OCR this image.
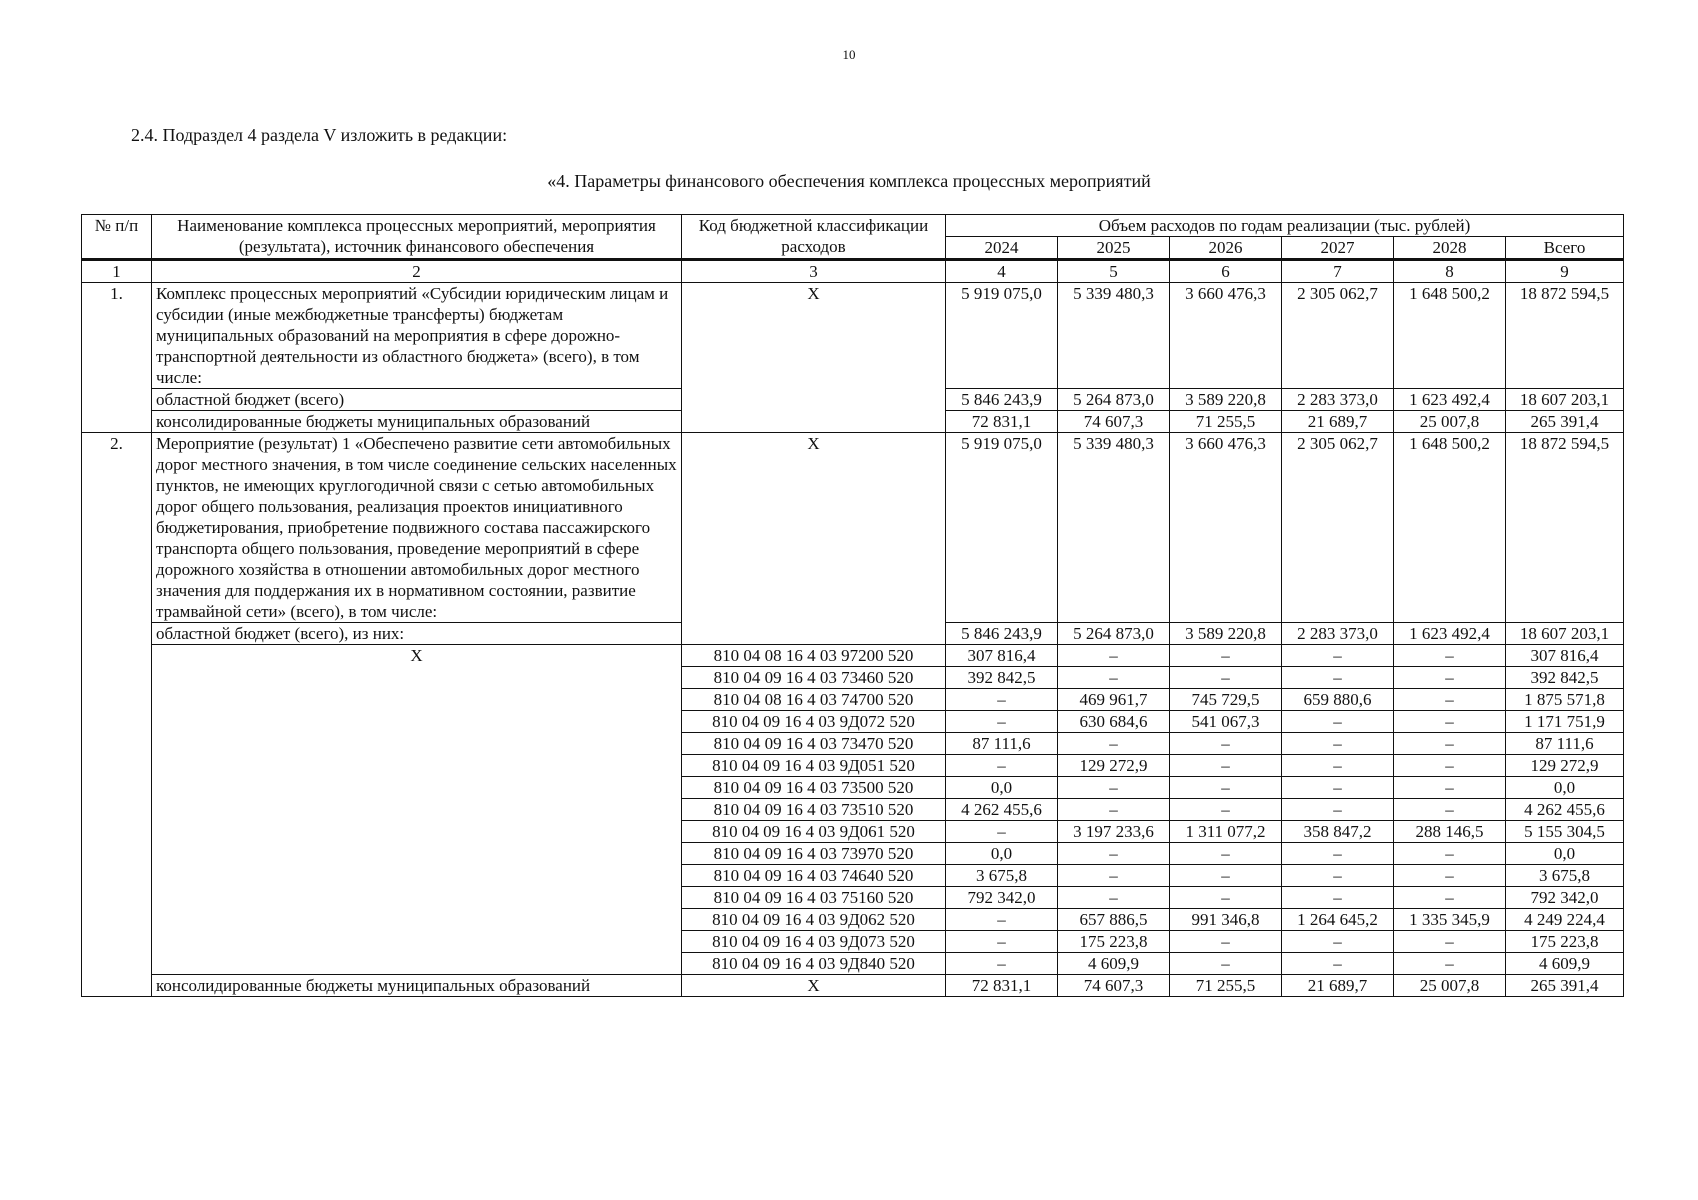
10
2.4. Подраздел 4 раздела V изложить в редакции:
«4. Параметры финансового обеспечения комплекса процессных мероприятий
№ п/п	Наименование комплекса процессных мероприятий, мероприятия (результата), источник финансового обеспечения	Код бюджетной классификации расходов	Объем расходов по годам реализации (тыс. рублей)					
			2024	2025	2026	2027	2028	Всего
1	2	3	4	5	6	7	8	9
1.	Комплекс процессных мероприятий «Субсидии юридическим лицам и субсидии (иные межбюджетные трансферты) бюджетам муниципальных образований на мероприятия в сфере дорожно-транспортной деятельности из областного бюджета» (всего), в том числе:	Х	5 919 075,0	5 339 480,3	3 660 476,3	2 305 062,7	1 648 500,2	18 872 594,5
	областной бюджет (всего)		5 846 243,9	5 264 873,0	3 589 220,8	2 283 373,0	1 623 492,4	18 607 203,1
	консолидированные бюджеты муниципальных образований		72 831,1	74 607,3	71 255,5	21 689,7	25 007,8	265 391,4
2.	Мероприятие (результат) 1 «Обеспечено развитие сети автомобильных дорог местного значения, в том числе соединение сельских населенных пунктов, не имеющих круглогодичной связи с сетью автомобильных дорог общего пользования, реализация проектов инициативного бюджетирования, приобретение подвижного состава пассажирского транспорта общего пользования, проведение мероприятий в сфере дорожного хозяйства в отношении автомобильных дорог местного значения для поддержания их в нормативном состоянии, развитие трамвайной сети» (всего), в том числе:	Х	5 919 075,0	5 339 480,3	3 660 476,3	2 305 062,7	1 648 500,2	18 872 594,5
	областной бюджет (всего), из них:		5 846 243,9	5 264 873,0	3 589 220,8	2 283 373,0	1 623 492,4	18 607 203,1
	Х	810 04 08 16 4 03 97200 520	307 816,4	–	–	–	–	307 816,4
		810 04 09 16 4 03 73460 520	392 842,5	–	–	–	–	392 842,5
		810 04 08 16 4 03 74700 520	–	469 961,7	745 729,5	659 880,6	–	1 875 571,8
		810 04 09 16 4 03 9Д072 520	–	630 684,6	541 067,3	–	–	1 171 751,9
		810 04 09 16 4 03 73470 520	87 111,6	–	–	–	–	87 111,6
		810 04 09 16 4 03 9Д051 520	–	129 272,9	–	–	–	129 272,9
		810 04 09 16 4 03 73500 520	0,0	–	–	–	–	0,0
		810 04 09 16 4 03 73510 520	4 262 455,6	–	–	–	–	4 262 455,6
		810 04 09 16 4 03 9Д061 520	–	3 197 233,6	1 311 077,2	358 847,2	288 146,5	5 155 304,5
		810 04 09 16 4 03 73970 520	0,0	–	–	–	–	0,0
		810 04 09 16 4 03 74640 520	3 675,8	–	–	–	–	3 675,8
		810 04 09 16 4 03 75160 520	792 342,0	–	–	–	–	792 342,0
		810 04 09 16 4 03 9Д062 520	–	657 886,5	991 346,8	1 264 645,2	1 335 345,9	4 249 224,4
		810 04 09 16 4 03 9Д073 520	–	175 223,8	–	–	–	175 223,8
		810 04 09 16 4 03 9Д840 520	–	4 609,9	–	–	–	4 609,9
	консолидированные бюджеты муниципальных образований	Х	72 831,1	74 607,3	71 255,5	21 689,7	25 007,8	265 391,4
